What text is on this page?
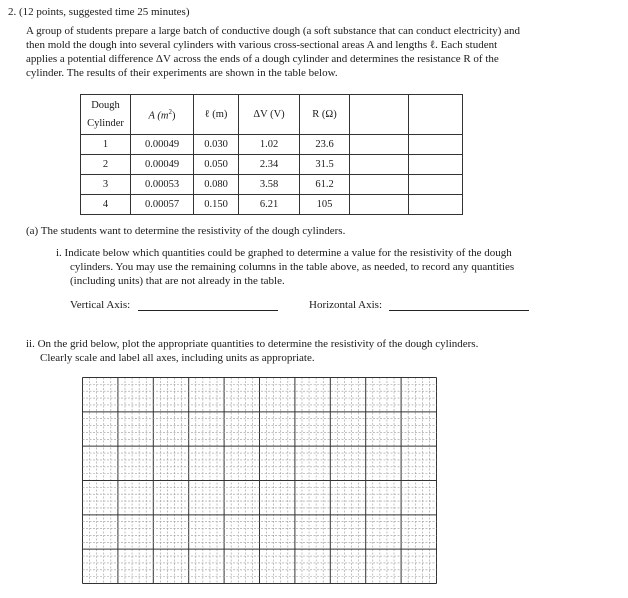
2. (12 points, suggested time 25 minutes)
A group of students prepare a large batch of conductive dough (a soft substance that can conduct electricity) and
then mold the dough into several cylinders with various cross-sectional areas A and lengths ℓ. Each student
applies a potential difference ΔV across the ends of a dough cylinder and determines the resistance R of the
cylinder. The results of their experiments are shown in the table below.
Dough
Cylinder	A $(m^2)$	ℓ (m)	ΔV (V)	R (Ω)		
1	0.00049	0.030	1.02	23.6		
2	0.00049	0.050	2.34	31.5		
3	0.00053	0.080	3.58	61.2		
4	0.00057	0.150	6.21	105		
(a) The students want to determine the resistivity of the dough cylinders.
i. Indicate below which quantities could be graphed to determine a value for the resistivity of the dough
cylinders. You may use the remaining columns in the table above, as needed, to record any quantities
(including units) that are not already in the table.
Vertical Axis:	Horizontal Axis:
ii. On the grid below, plot the appropriate quantities to determine the resistivity of the dough cylinders.
Clearly scale and label all axes, including units as appropriate.
